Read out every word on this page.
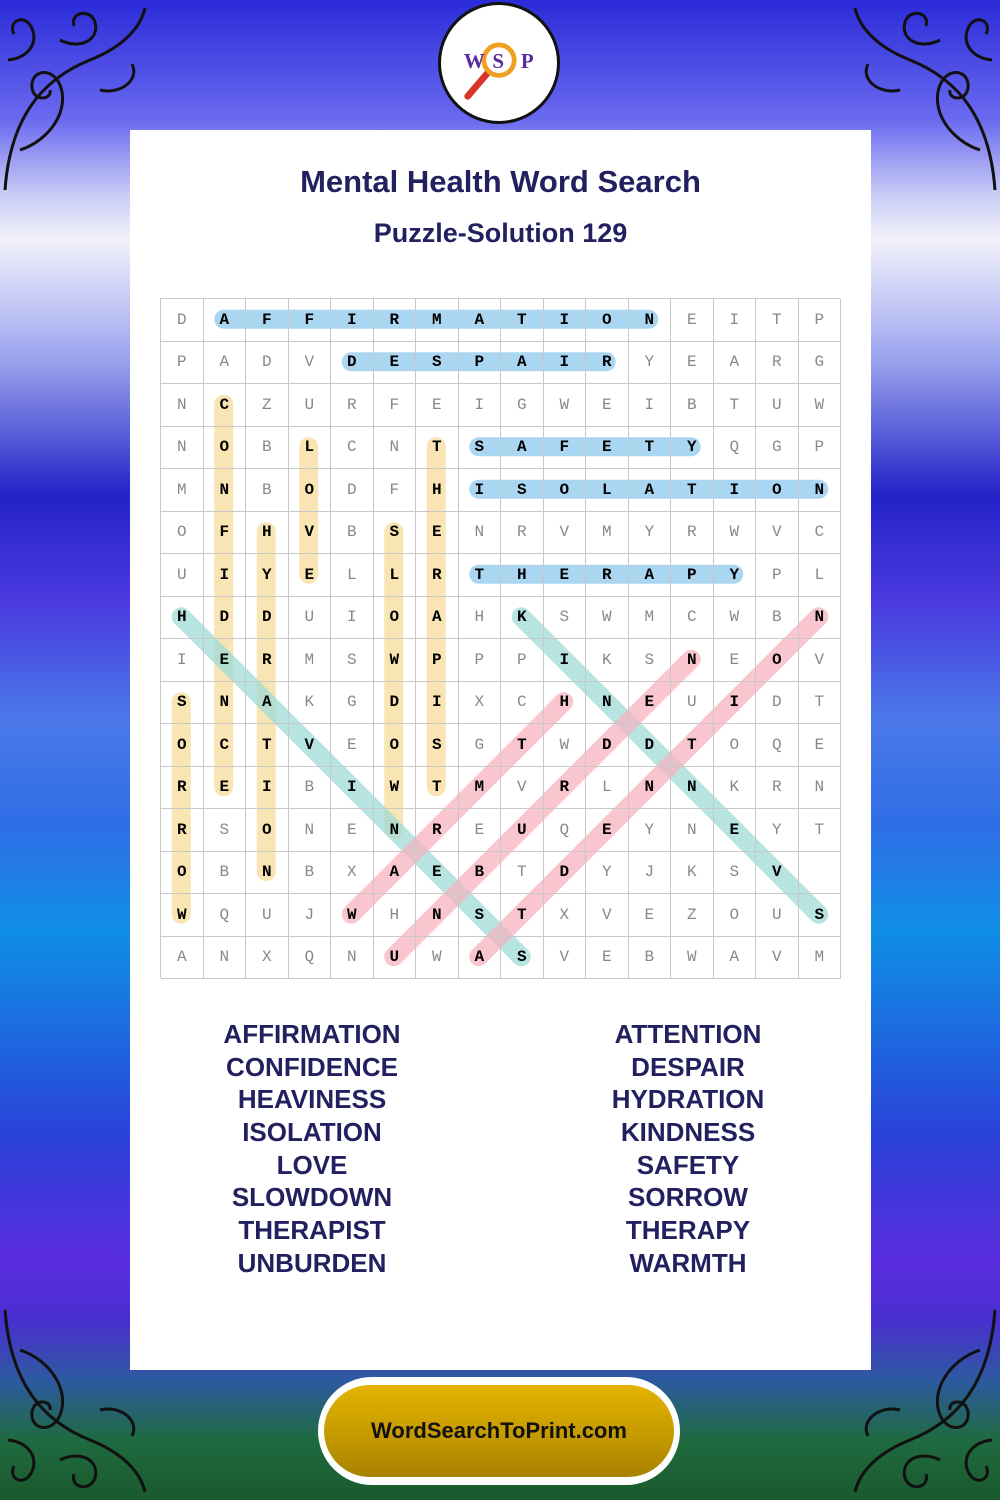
W S P
Mental Health Word Search
Puzzle-Solution 129
D	A	F	F	I	R	M	A	T	I	O	N	E	I	T	P
P	A	D	V	D	E	S	P	A	I	R	Y	E	A	R	G
N	C	Z	U	R	F	E	I	G	W	E	I	B	T	U	W
N	O	B	L	C	N	T	S	A	F	E	T	Y	Q	G	P
M	N	B	O	D	F	H	I	S	O	L	A	T	I	O	N
O	F	H	V	B	S	E	N	R	V	M	Y	R	W	V	C
U	I	Y	E	L	L	R	T	H	E	R	A	P	Y	P	L
H	D	D	U	I	O	A	H	K	S	W	M	C	W	B	N
I	E	R	M	S	W	P	P	P	I	K	S	N	E	O	V
S	N	A	K	G	D	I	X	C	H	N	E	U	I	D	T
O	C	T	V	E	O	S	G	T	W	D	D	T	O	Q	E
R	E	I	B	I	W	T	M	V	R	L	N	N	K	R	N
R	S	O	N	E	N	R	E	U	Q	E	Y	N	E	Y	T
O	B	N	B	X	A	E	B	T	D	Y	J	K	S	V
W	Q	U	J	W	H	N	S	T	X	V	E	Z	O	U	S
A	N	X	Q	N	U	W	A	S	V	E	B	W	A	V	M
AFFIRMATION
CONFIDENCE
HEAVINESS
ISOLATION
LOVE
SLOWDOWN
THERAPIST
UNBURDEN
ATTENTION
DESPAIR
HYDRATION
KINDNESS
SAFETY
SORROW
THERAPY
WARMTH
WordSearchToPrint.com
